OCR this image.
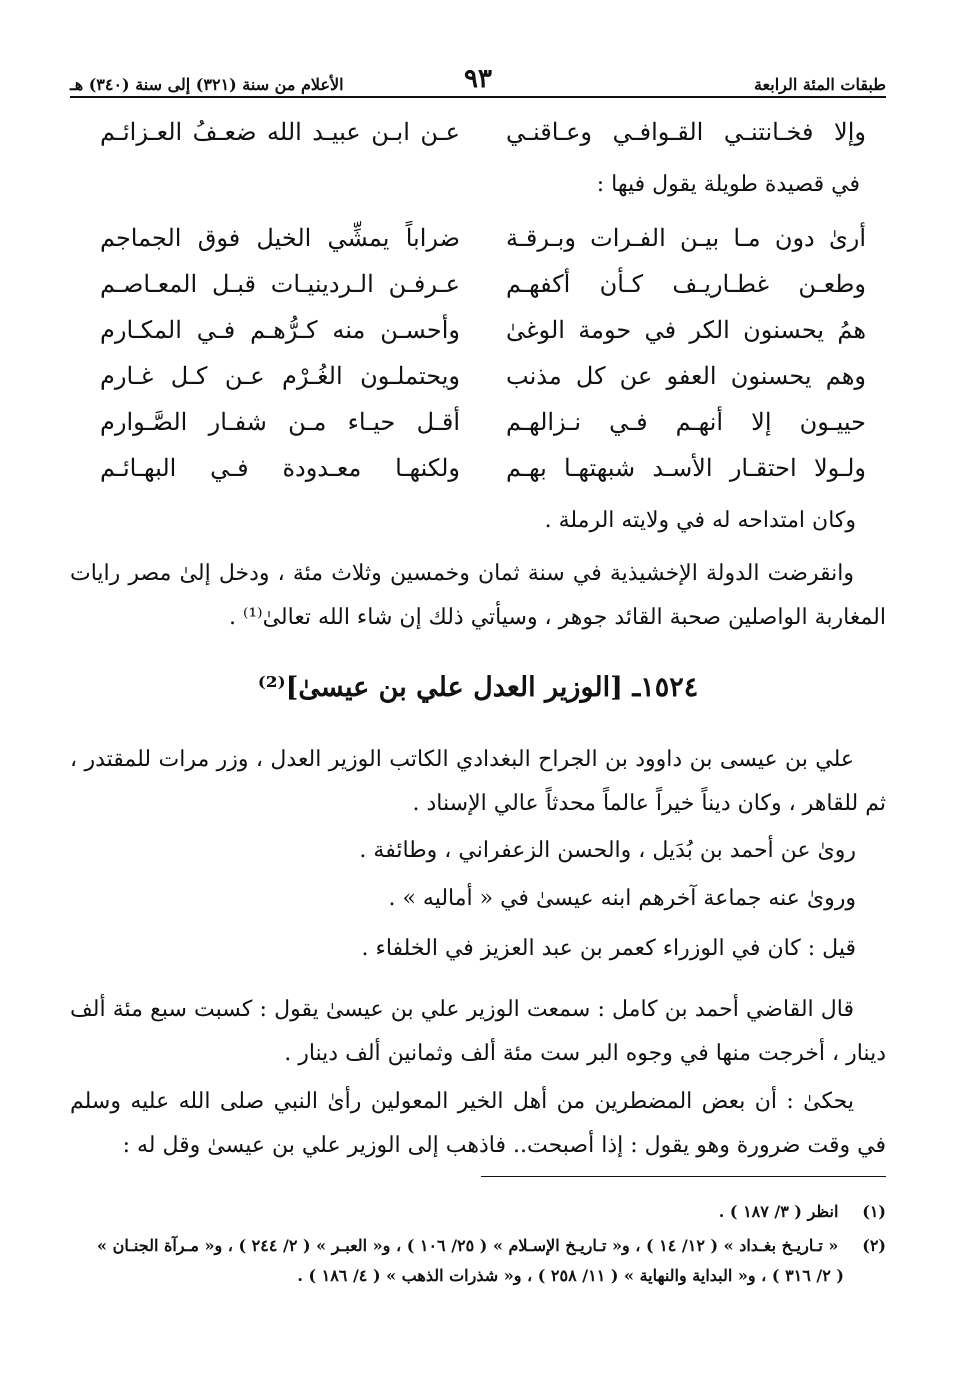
طبقات المئة الرابعة
٩٣
الأعلام من سنة (٣٢١) إلى سنة (٣٤٠) هـ
وإلا فخـانتنـي القـوافـي وعـاقنـي
عـن ابـن عبيـد الله ضعـفُ العـزائـم
في قصيدة طويلة يقول فيها :
أرىٰ دون مـا بيـن الفـرات وبـرقـة
ضراباً يمشِّي الخيل فوق الجماجم
وطعـن غطـاريـف كـأن أكفهـم
عـرفـن الـردينيـات قبـل المعـاصـم
همُ يحسنون الكر في حومة الوغىٰ
وأحسـن منه كـرُّهـم فـي المكـارم
وهم يحسنون العفو عن كل مذنب
ويحتملـون الغُـرْم عـن كـل غـارم
حييـون إلا أنهـم فـي نـزالهـم
أقـل حيـاء مـن شفـار الصَّـوارم
ولـولا احتقـار الأسـد شبهتهـا بهـم
ولكنهـا معـدودة فـي البهـائـم
وكان امتداحه له في ولايته الرملة .
وانقرضت الدولة الإخشيذية في سنة ثمان وخمسين وثلاث مئة ، ودخل إلىٰ مصر رايات المغاربة الواصلين صحبة القائد جوهر ، وسيأتي ذلك إن شاء الله تعالىٰ⁽¹⁾ .
١٥٢٤ـ [الوزير العدل علي بن عيسىٰ]⁽²⁾
علي بن عيسى بن داوود بن الجراح البغدادي الكاتب الوزير العدل ، وزر مرات للمقتدر ، ثم للقاهر ، وكان ديناً خيراً عالماً محدثاً عالي الإسناد .
روىٰ عن أحمد بن بُدَيل ، والحسن الزعفراني ، وطائفة .
وروىٰ عنه جماعة آخرهم ابنه عيسىٰ في « أماليه » .
قيل : كان في الوزراء كعمر بن عبد العزيز في الخلفاء .
قال القاضي أحمد بن كامل : سمعت الوزير علي بن عيسىٰ يقول : كسبت سبع مئة ألف دينار ، أخرجت منها في وجوه البر ست مئة ألف وثمانين ألف دينار .
يحكىٰ : أن بعض المضطرين من أهل الخير المعولين رأىٰ النبي صلى الله عليه وسلم في وقت ضرورة وهو يقول : إذا أصبحت.. فاذهب إلى الوزير علي بن عيسىٰ وقل له :
(١) انظر ( ٣/ ١٨٧ ) .
(٢) « تـاريـخ بغـداد » ( ١٢/ ١٤ ) ، و« تـاريـخ الإسـلام » ( ٢٥/ ١٠٦ ) ، و« العبـر » ( ٢/ ٢٤٤ ) ، و« مـرآة الجنـان »
( ٢/ ٣١٦ ) ، و« البداية والنهاية » ( ١١/ ٢٥٨ ) ، و« شذرات الذهب » ( ٤/ ١٨٦ ) .
